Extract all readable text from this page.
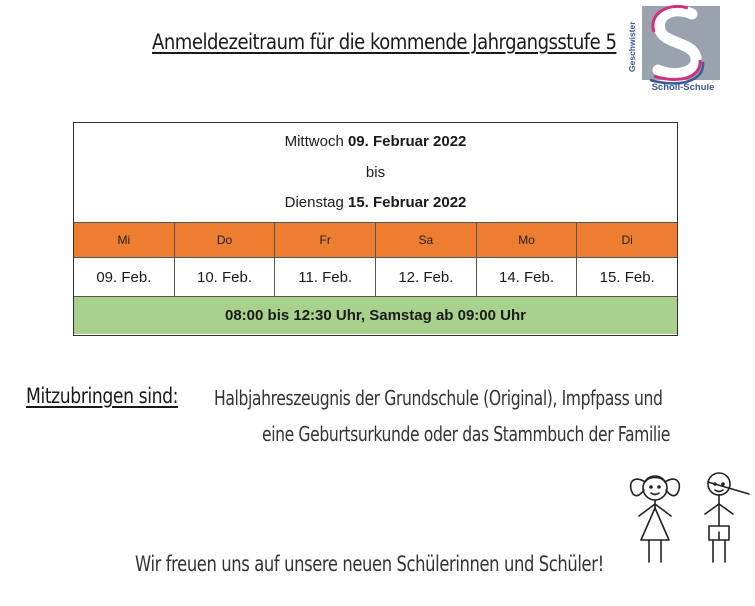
Anmeldezeitraum für die kommende Jahrgangsstufe 5 Geschwister
Scholl-Schule
Mittwoch 09. Februar 2022
bis
Dienstag 15. Februar 2022
Mi	Do	Fr	Sa	Mo	Di
09. Feb.	10. Feb.	11. Feb.	12. Feb.	14. Feb.	15. Feb.
08:00 bis 12:30 Uhr, Samstag ab 09:00 Uhr
Mitzubringen sind: Halbjahreszeugnis der Grundschule (Original), Impfpass und
eine Geburtsurkunde oder das Stammbuch der Familie
Wir freuen uns auf unsere neuen Schülerinnen und Schüler!
